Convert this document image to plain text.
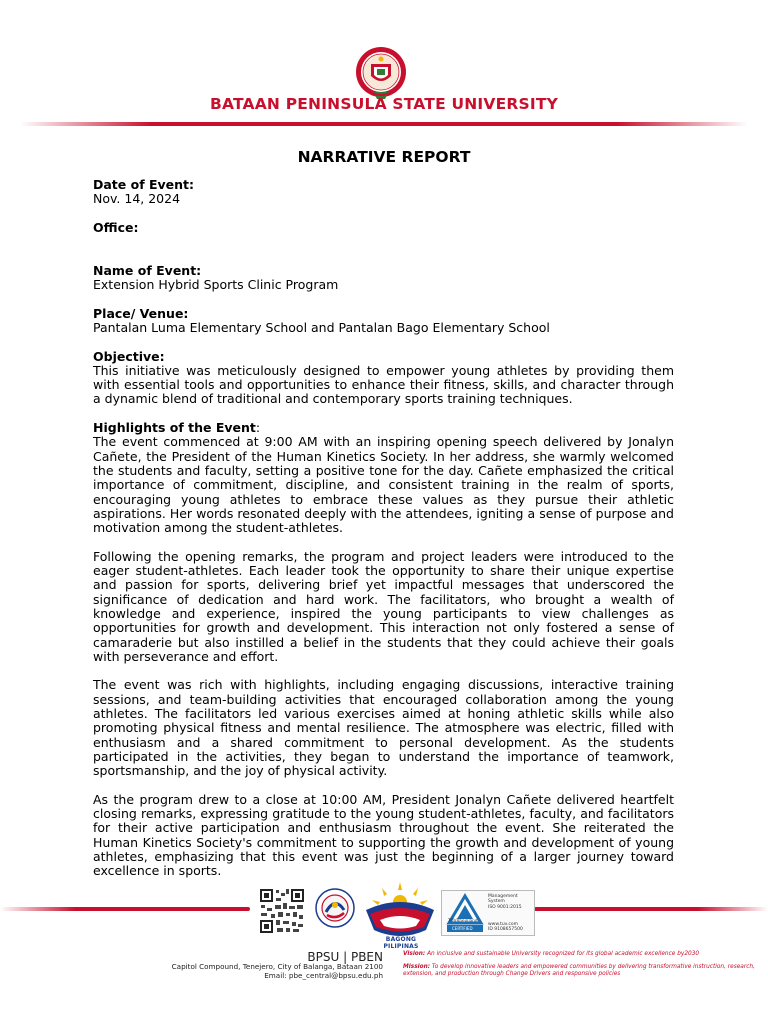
BATAAN PENINSULA STATE UNIVERSITY
NARRATIVE REPORT
Date of Event:
Nov. 14, 2024
Office:
Name of Event:
Extension Hybrid Sports Clinic Program
Place/ Venue:
Pantalan Luma Elementary School and Pantalan Bago Elementary School
Objective:
This initiative was meticulously designed to empower young athletes by providing them with essential tools and opportunities to enhance their fitness, skills, and character through a dynamic blend of traditional and contemporary sports training techniques.
Highlights of the Event:

The event commenced at 9:00 AM with an inspiring opening speech delivered by Jonalyn Cañete, the President of the Human Kinetics Society. In her address, she warmly welcomed the students and faculty, setting a positive tone for the day. Cañete emphasized the critical importance of commitment, discipline, and consistent training in the realm of sports, encouraging young athletes to embrace these values as they pursue their athletic aspirations. Her words resonated deeply with the attendees, igniting a sense of purpose and motivation among the student-athletes.

Following the opening remarks, the program and project leaders were introduced to the eager student-athletes. Each leader took the opportunity to share their unique expertise and passion for sports, delivering brief yet impactful messages that underscored the significance of dedication and hard work. The facilitators, who brought a wealth of knowledge and experience, inspired the young participants to view challenges as opportunities for growth and development. This interaction not only fostered a sense of camaraderie but also instilled a belief in the students that they could achieve their goals with perseverance and effort.

The event was rich with highlights, including engaging discussions, interactive training sessions, and team-building activities that encouraged collaboration among the young athletes. The facilitators led various exercises aimed at honing athletic skills while also promoting physical fitness and mental resilience. The atmosphere was electric, filled with enthusiasm and a shared commitment to personal development. As the students participated in the activities, they began to understand the importance of teamwork, sportsmanship, and the joy of physical activity.

As the program drew to a close at 10:00 AM, President Jonalyn Cañete delivered heartfelt closing remarks, expressing gratitude to the young student-athletes, faculty, and facilitators for their active participation and enthusiasm throughout the event. She reiterated the Human Kinetics Society's commitment to supporting the growth and development of young athletes, emphasizing that this event was just the beginning of a larger journey toward excellence in sports.

BAGONG PILIPINAS
Management
System
ISO 9001:2015
TÜVRheinland
CERTIFIED
www.tuv.com
ID 9108657500
BPSU | PBEN
Capitol Compound, Tenejero, City of Balanga, Bataan 2100
Email: pbe_central@bpsu.edu.ph
Vision: An inclusive and sustainable University recognized for its global academic excellence by2030
Mission: To develop innovative leaders and empowered communities by delivering transformative instruction, research, extension, and production through Change Drivers and responsive policies
